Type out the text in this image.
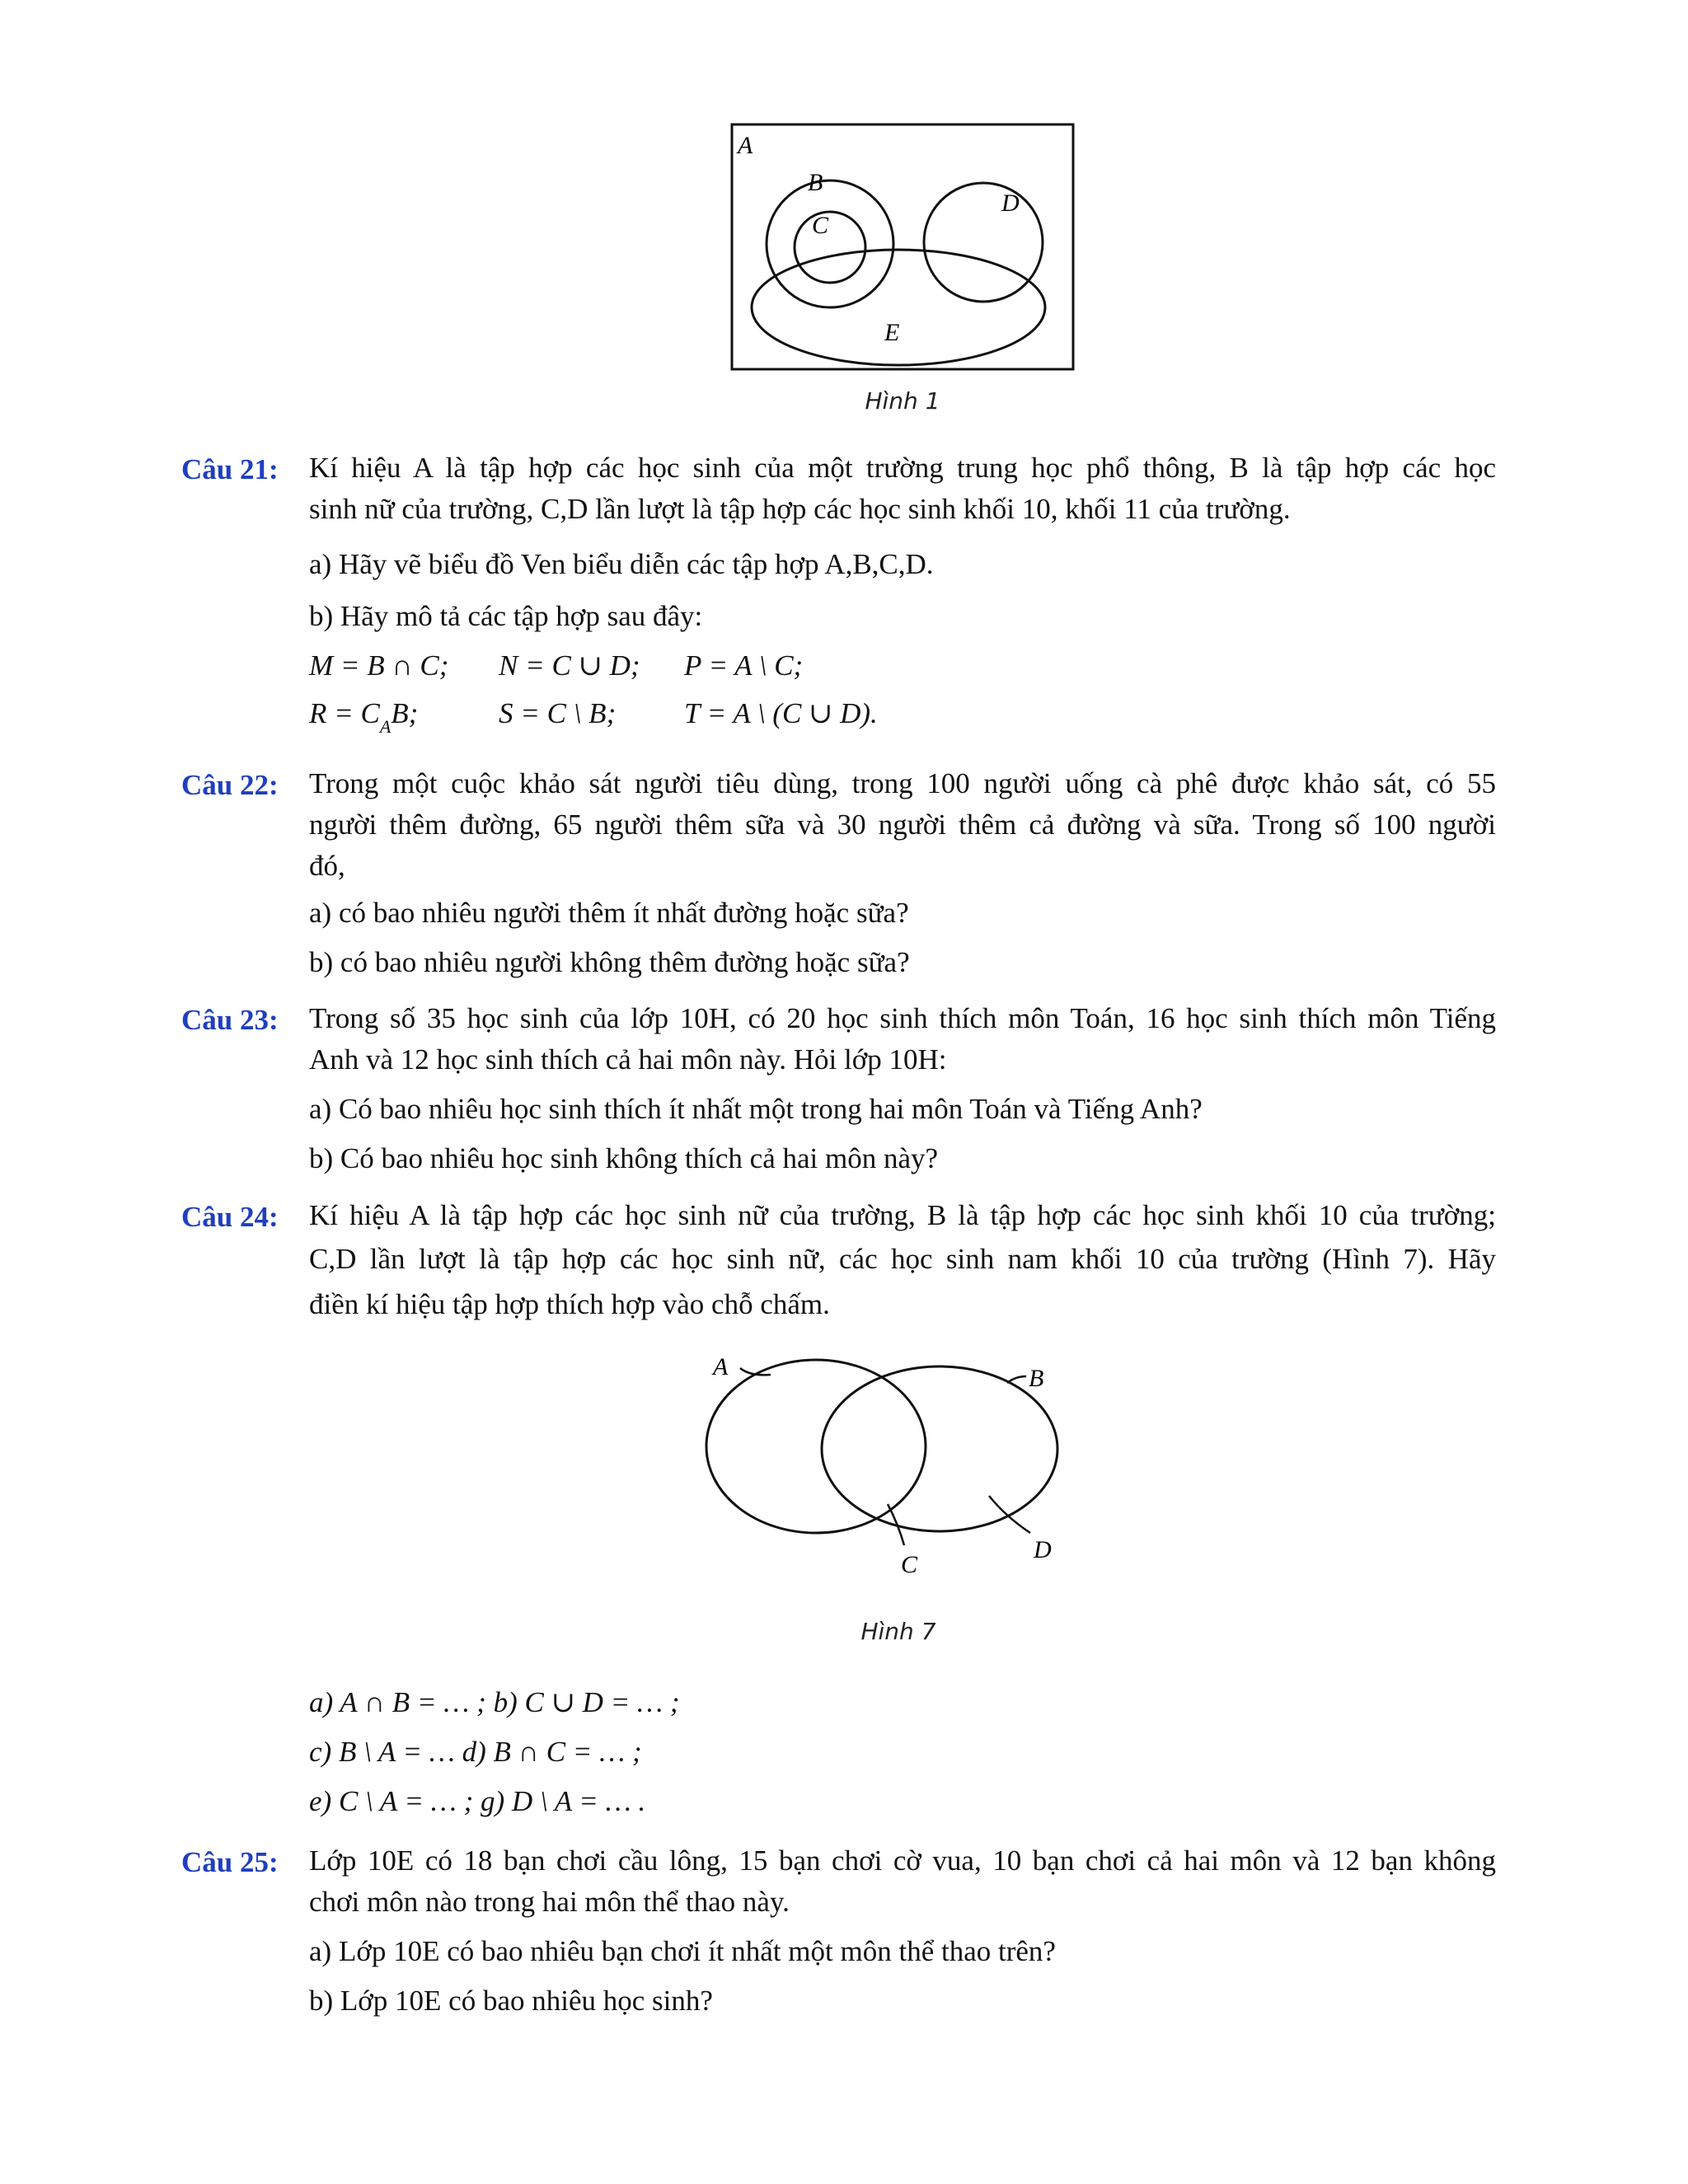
A
B
C
D
E
Hình 1
Câu 21: Kí hiệu A là tập hợp các học sinh của một trường trung học phổ thông, B là tập hợp các học
sinh nữ của trường, C,D lần lượt là tập hợp các học sinh khối 10, khối 11 của trường.
a) Hãy vẽ biểu đồ Ven biểu diễn các tập hợp A,B,C,D.
b) Hãy mô tả các tập hợp sau đây:
M = B ∩ C; N = C ∪ D; P = A \ C;
$R = C_AB$;	S = C \ B; T = A \ (C ∪ D).
Câu 22: Trong một cuộc khảo sát người tiêu dùng, trong 100 người uống cà phê được khảo sát, có 55
người thêm đường, 65 người thêm sữa và 30 người thêm cả đường và sữa. Trong số 100 người
đó,
a) có bao nhiêu người thêm ít nhất đường hoặc sữa?
b) có bao nhiêu người không thêm đường hoặc sữa?
Câu 23: Trong số 35 học sinh của lớp 10H, có 20 học sinh thích môn Toán, 16 học sinh thích môn Tiếng
Anh và 12 học sinh thích cả hai môn này. Hỏi lớp 10H:
a) Có bao nhiêu học sinh thích ít nhất một trong hai môn Toán và Tiếng Anh?
b) Có bao nhiêu học sinh không thích cả hai môn này?
Câu 24: Kí hiệu A là tập hợp các học sinh nữ của trường, B là tập hợp các học sinh khối 10 của trường;
C,D lần lượt là tập hợp các học sinh nữ, các học sinh nam khối 10 của trường (Hình 7). Hãy
điền kí hiệu tập hợp thích hợp vào chỗ chấm.
A	B
C
D
Hình 7
a) A ∩ B = … ; b) C ∪ D = … ;
c) B \ A = … d) B ∩ C = … ;
e) C \ A = … ; g) D \ A = … .
Câu 25: Lớp 10E có 18 bạn chơi cầu lông, 15 bạn chơi cờ vua, 10 bạn chơi cả hai môn và 12 bạn không
chơi môn nào trong hai môn thể thao này.
a) Lớp 10E có bao nhiêu bạn chơi ít nhất một môn thể thao trên?
b) Lớp 10E có bao nhiêu học sinh?
